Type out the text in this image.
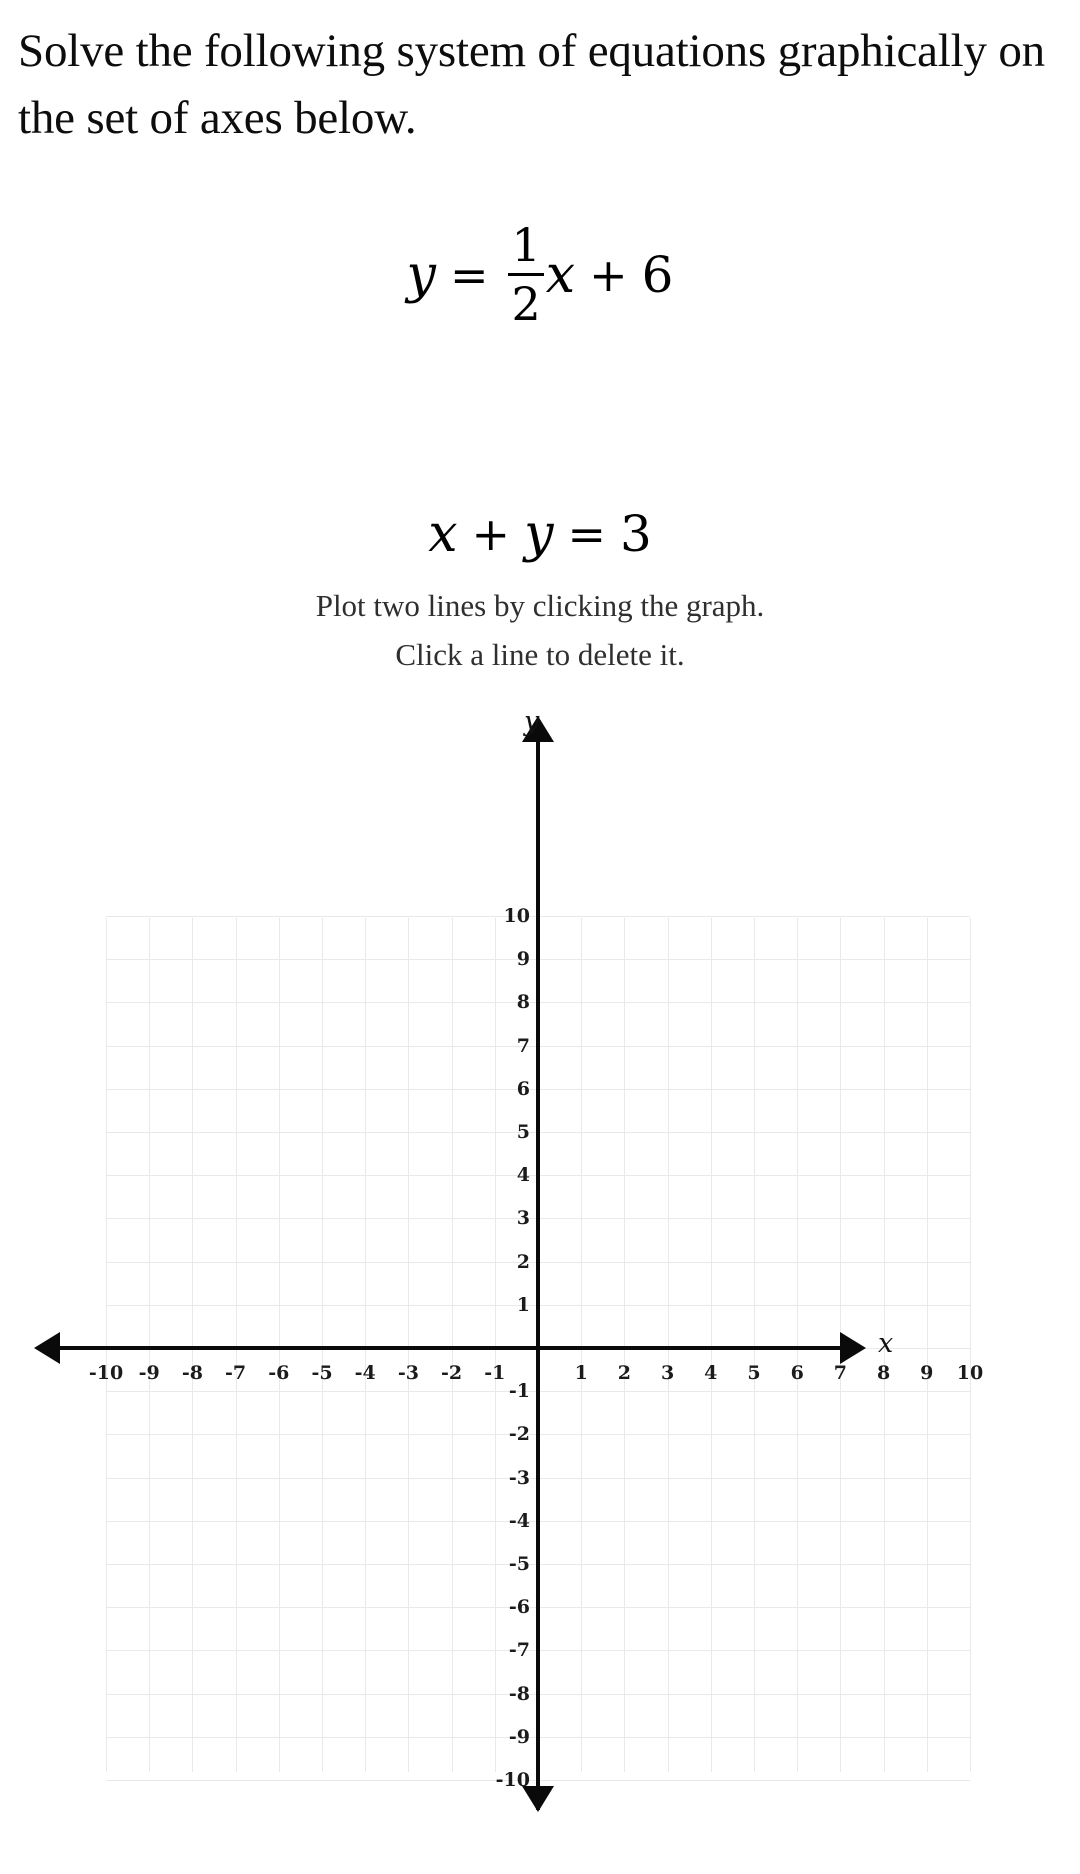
Solve the following system of equations graphically on the set of axes below.
$y = \frac{1}{2}$ x + 6
x + y = 3
Plot two lines by clicking the graph.
Click a line to delete it.
x
y
-10 -9 -8 -7 -6 -5 -4 -3 -2 -1	1 2 3 4 5 6 7 8 9 10
10
9
8
7
6
5
4
3
2
1
-1
-2
-3
-4
-5
-6
-7
-8
-9
-10
